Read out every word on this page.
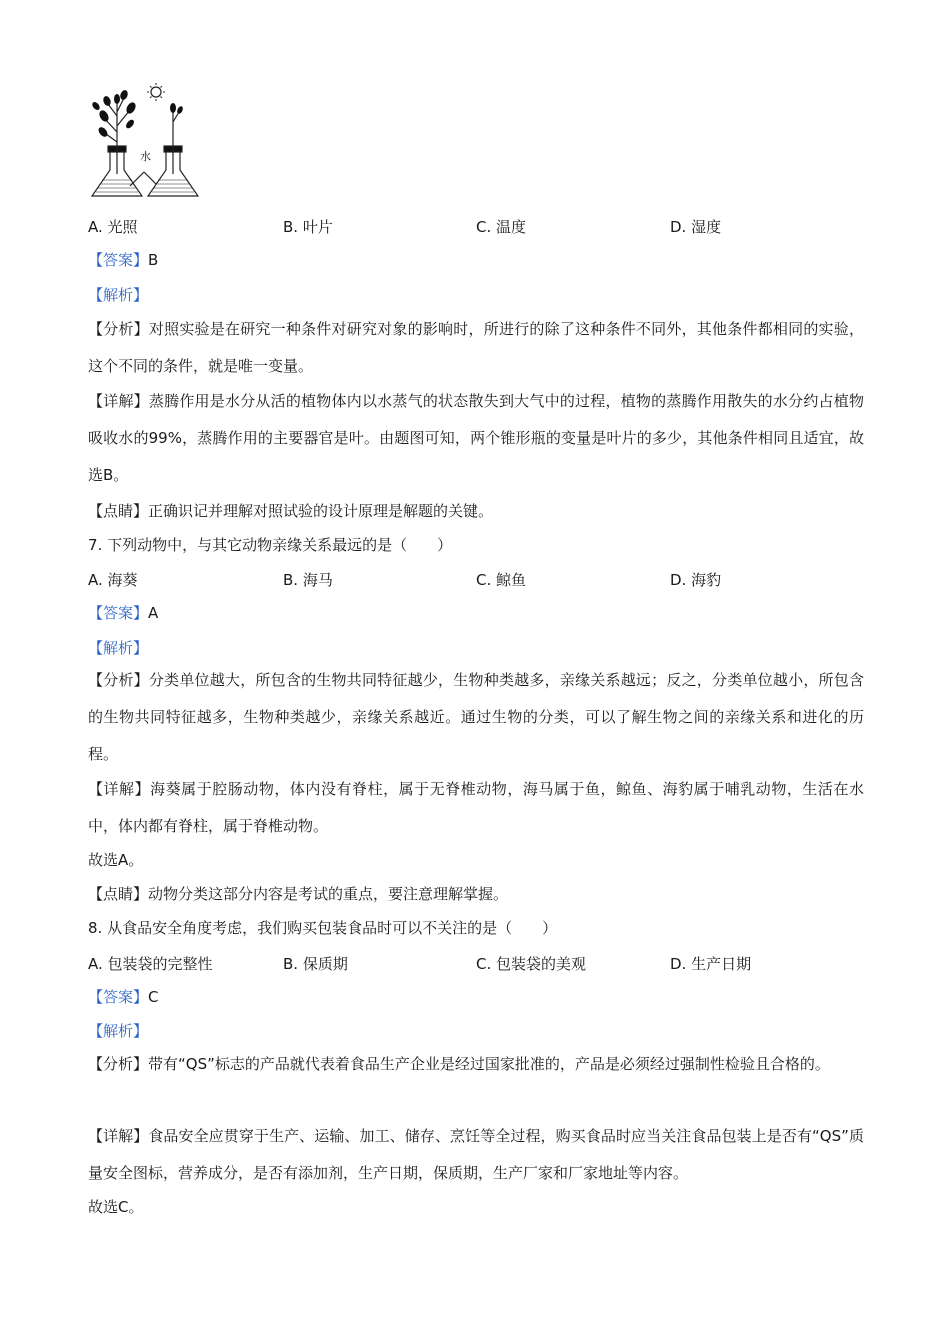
水
A. 光照	B. 叶片	C. 温度	D. 湿度
【答案】B
【解析】
【分析】对照实验是在研究一种条件对研究对象的影响时，所进行的除了这种条件不同外，其他条件都相同的实验，这个不同的条件，就是唯一变量。
【详解】蒸腾作用是水分从活的植物体内以水蒸气的状态散失到大气中的过程，植物的蒸腾作用散失的水分约占植物吸收水的99%，蒸腾作用的主要器官是叶。由题图可知，两个锥形瓶的变量是叶片的多少，其他条件相同且适宜，故选B。
【点睛】正确识记并理解对照试验的设计原理是解题的关键。
7. 下列动物中，与其它动物亲缘关系最远的是（　　）
A. 海葵	B. 海马	C. 鲸鱼	D. 海豹
【答案】A
【解析】
【分析】分类单位越大，所包含的生物共同特征越少，生物种类越多，亲缘关系越远；反之，分类单位越小，所包含的生物共同特征越多，生物种类越少，亲缘关系越近。通过生物的分类，可以了解生物之间的亲缘关系和进化的历程。
【详解】海葵属于腔肠动物，体内没有脊柱，属于无脊椎动物，海马属于鱼，鲸鱼、海豹属于哺乳动物，生活在水中，体内都有脊柱，属于脊椎动物。
故选A。
【点睛】动物分类这部分内容是考试的重点，要注意理解掌握。
8. 从食品安全角度考虑，我们购买包装食品时可以不关注的是（　　）
A. 包装袋的完整性	B. 保质期	C. 包装袋的美观	D. 生产日期
【答案】C
【解析】
【分析】带有“QS”标志的产品就代表着食品生产企业是经过国家批准的，产品是必须经过强制性检验且合格的。
【详解】食品安全应贯穿于生产、运输、加工、储存、烹饪等全过程，购买食品时应当关注食品包装上是否有“QS”质量安全图标，营养成分，是否有添加剂，生产日期，保质期，生产厂家和厂家地址等内容。
故选C。
